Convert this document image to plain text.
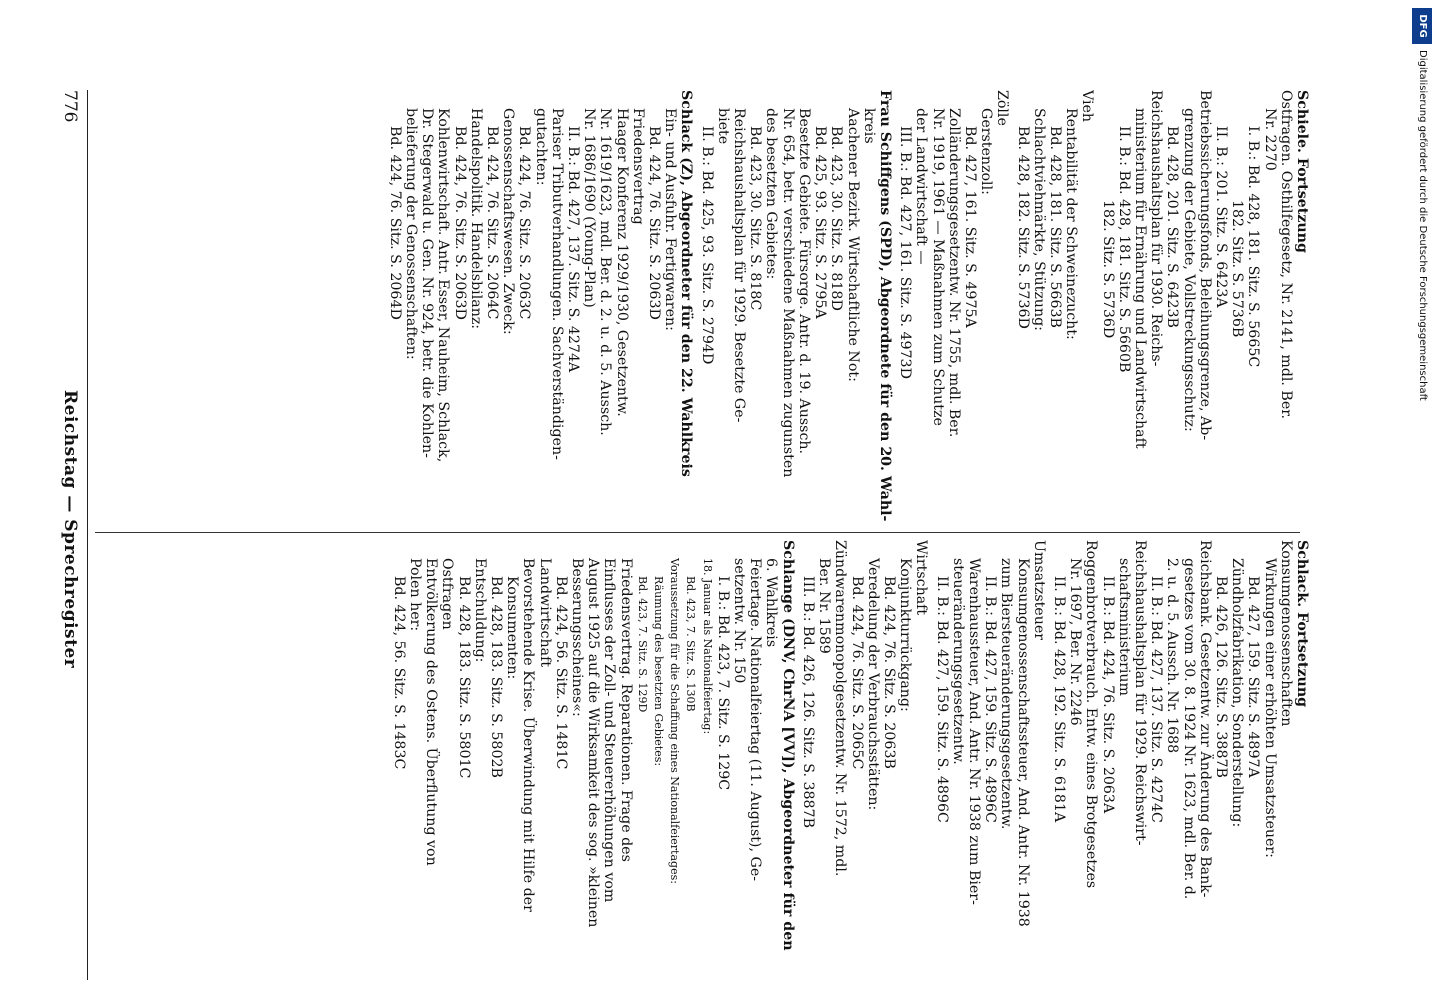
Schiele. Fortsetzung
Ostfragen. Osthilfegesetz, Nr. 2141, mdl. Ber.
Nr. 2270
I. B.: Bd. 428, 181. Sitz. S. 5665C
182. Sitz. S. 5736B
II. B.: 201. Sitz. S. 6423A
Betriebssicherungsfonds, Beleihungsgrenze, Ab-
grenzung der Gebiete, Vollstreckungsschutz:
Bd. 428, 201. Sitz. S. 6423B
Reichshaushaltsplan für 1930. Reichs-
ministerium für Ernährung und Landwirtschaft
II. B.: Bd. 428, 181. Sitz. S. 5660B
182. Sitz. S. 5736D
Vieh
Rentabilität der Schweinezucht:
Bd. 428, 181. Sitz. S. 5663B
Schlachtviehmärkte, Stützung:
Bd. 428, 182. Sitz. S. 5736D
Zölle
Gerstenzoll:
Bd. 427, 161. Sitz. S. 4975A
Zolländerungsgesetzentw. Nr. 1755, mdl. Ber.
Nr. 1919, 1961 — Maßnahmen zum Schutze
der Landwirtschaft —
III. B.: Bd. 427, 161. Sitz. S. 4973D
Frau Schiffgens (SPD), Abgeordnete für den 20. Wahl-
kreis
Aachener Bezirk. Wirtschaftliche Not:
Bd. 423, 30. Sitz. S. 818D
Bd. 425, 93. Sitz. S. 2795A
Besetzte Gebiete. Fürsorge. Antr. d. 19. Aussch.
Nr. 654, betr. verschiedene Maßnahmen zugunsten
des besetzten Gebietes:
Bd. 423, 30. Sitz. S. 818C
Reichshaushaltsplan für 1929. Besetzte Ge-
biete
II. B.: Bd. 425, 93. Sitz. S. 2794D
Schlack (Z), Abgeordneter für den 22. Wahlkreis
Ein- und Ausfuhr. Fertigwaren:
Bd. 424, 76. Sitz. S. 2063D
Friedensvertrag
Haager Konferenz 1929/1930, Gesetzentw.
Nr. 1619/1623, mdl. Ber. d. 2. u. d. 5. Aussch.
Nr. 1686/1690 (Young-Plan)
II. B.: Bd. 427, 137. Sitz. S. 4274A
Pariser Tributverhandlungen. Sachverständigen-
gutachten:
Bd. 424, 76. Sitz. S. 2063C
Genossenschaftswesen. Zweck:
Bd. 424, 76. Sitz. S. 2064C
Handelspolitik. Handelsbilanz:
Bd. 424, 76. Sitz. S. 2063D
Kohlenwirtschaft. Antr. Esser, Nauheim, Schlack,
Dr. Stegerwald u. Gen. Nr. 924, betr. die Kohlen-
belieferung der Genossenschaften:
Bd. 424, 76. Sitz. S. 2064D
Schlack. Fortsetzung
Konsumgenossenschaften
Wirkungen einer erhöhten Umsatzsteuer:
Bd. 427, 159. Sitz. S. 4897A
Zündholzfabrikation, Sonderstellung:
Bd. 426, 126. Sitz. S. 3887B
Reichsbank. Gesetzentw. zur Änderung des Bank-
gesetzes vom 30. 8. 1924 Nr. 1623, mdl. Ber. d.
2. u. d. 5. Aussch. Nr. 1688
II. B.: Bd. 427, 137. Sitz. S. 4274C
Reichshaushaltsplan für 1929. Reichswirt-
schaftsministerium
II. B.: Bd. 424, 76. Sitz. S. 2063A
Roggenbrotverbrauch. Entw. eines Brotgesetzes
Nr. 1697, Ber. Nr. 2246
II. B.: Bd. 428, 192. Sitz. S. 6181A
Umsatzsteuer
Konsumgenossenschaftssteuer, And. Antr. Nr. 1938
zum Biersteueränderungsgesetzentw.
II. B.: Bd. 427, 159. Sitz. S. 4896C
Warenhaussteuer, And. Antr. Nr. 1938 zum Bier-
steueränderungsgesetzentw.
II. B.: Bd. 427, 159. Sitz. S. 4896C
Wirtschaft
Konjunkturrückgang:
Bd. 424, 76. Sitz. S. 2063B
Veredelung der Verbrauchsstätten:
Bd. 424, 76. Sitz. S. 2065C
Zündwarenmonopolgesetzentw. Nr. 1572, mdl.
Ber. Nr. 1589
III. B.: Bd. 426, 126. Sitz. S. 3887B
Schlange (DNV, ChrNA [VV]), Abgeordneter für den
6. Wahlkreis
Feiertage. Nationalfeiertag (11. August), Ge-
setzentw. Nr. 150
I. B.: Bd. 423, 7. Sitz. S. 129C
18. Januar als Nationalfeiertag:
Bd. 423, 7. Sitz. S. 130B
Voraussetzung für die Schaffung eines Nationalfeiertages:
Räumung des besetzten Gebietes:
Bd. 423, 7. Sitz. S. 129D
Friedensvertrag. Reparationen. Frage des
Einflusses der Zoll- und Steuererhöhungen vom
August 1925 auf die Wirksamkeit des sog. »kleinen
Besserungsscheines«:
Bd. 424, 56. Sitz. S. 1481C
Landwirtschaft
Bevorstehende Krise. Überwindung mit Hilfe der
Konsumenten:
Bd. 428, 183. Sitz. S. 5802B
Entschuldung:
Bd. 428, 183. Sitz. S. 5801C
Ostfragen
Entvölkerung des Ostens. Überflutung von
Polen her:
Bd. 424, 56. Sitz. S. 1483C
776
Reichstag — Sprechregister
DFG
Digitalisierung gefördert durch die Deutsche Forschungsgemeinschaft
